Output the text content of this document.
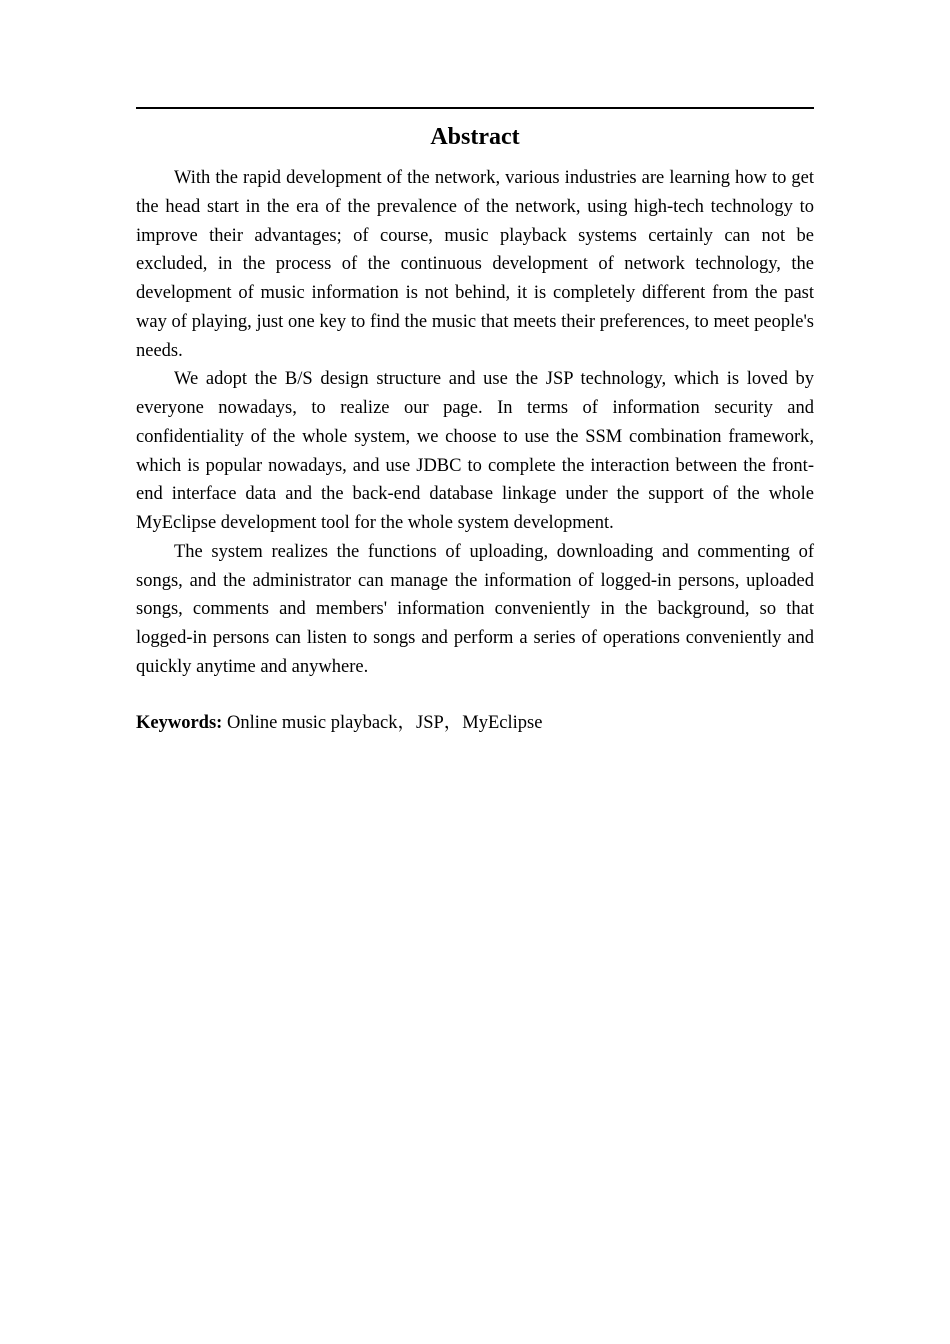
Abstract

With the rapid development of the network, various industries are learning how to get the head start in the era of the prevalence of the network, using high-tech technology to improve their advantages; of course, music playback systems certainly can not be excluded, in the process of the continuous development of network technology, the development of music information is not behind, it is completely different from the past way of playing, just one key to find the music that meets their preferences, to meet people's needs.

We adopt the B/S design structure and use the JSP technology, which is loved by everyone nowadays, to realize our page. In terms of information security and confidentiality of the whole system, we choose to use the SSM combination framework, which is popular nowadays, and use JDBC to complete the interaction between the front-end interface data and the back-end database linkage under the support of the whole MyEclipse development tool for the whole system development.

The system realizes the functions of uploading, downloading and commenting of songs, and the administrator can manage the information of logged-in persons, uploaded songs, comments and members' information conveniently in the background, so that logged-in persons can listen to songs and perform a series of operations conveniently and quickly anytime and anywhere.

Keywords: Online music playback，JSP，MyEclipse
